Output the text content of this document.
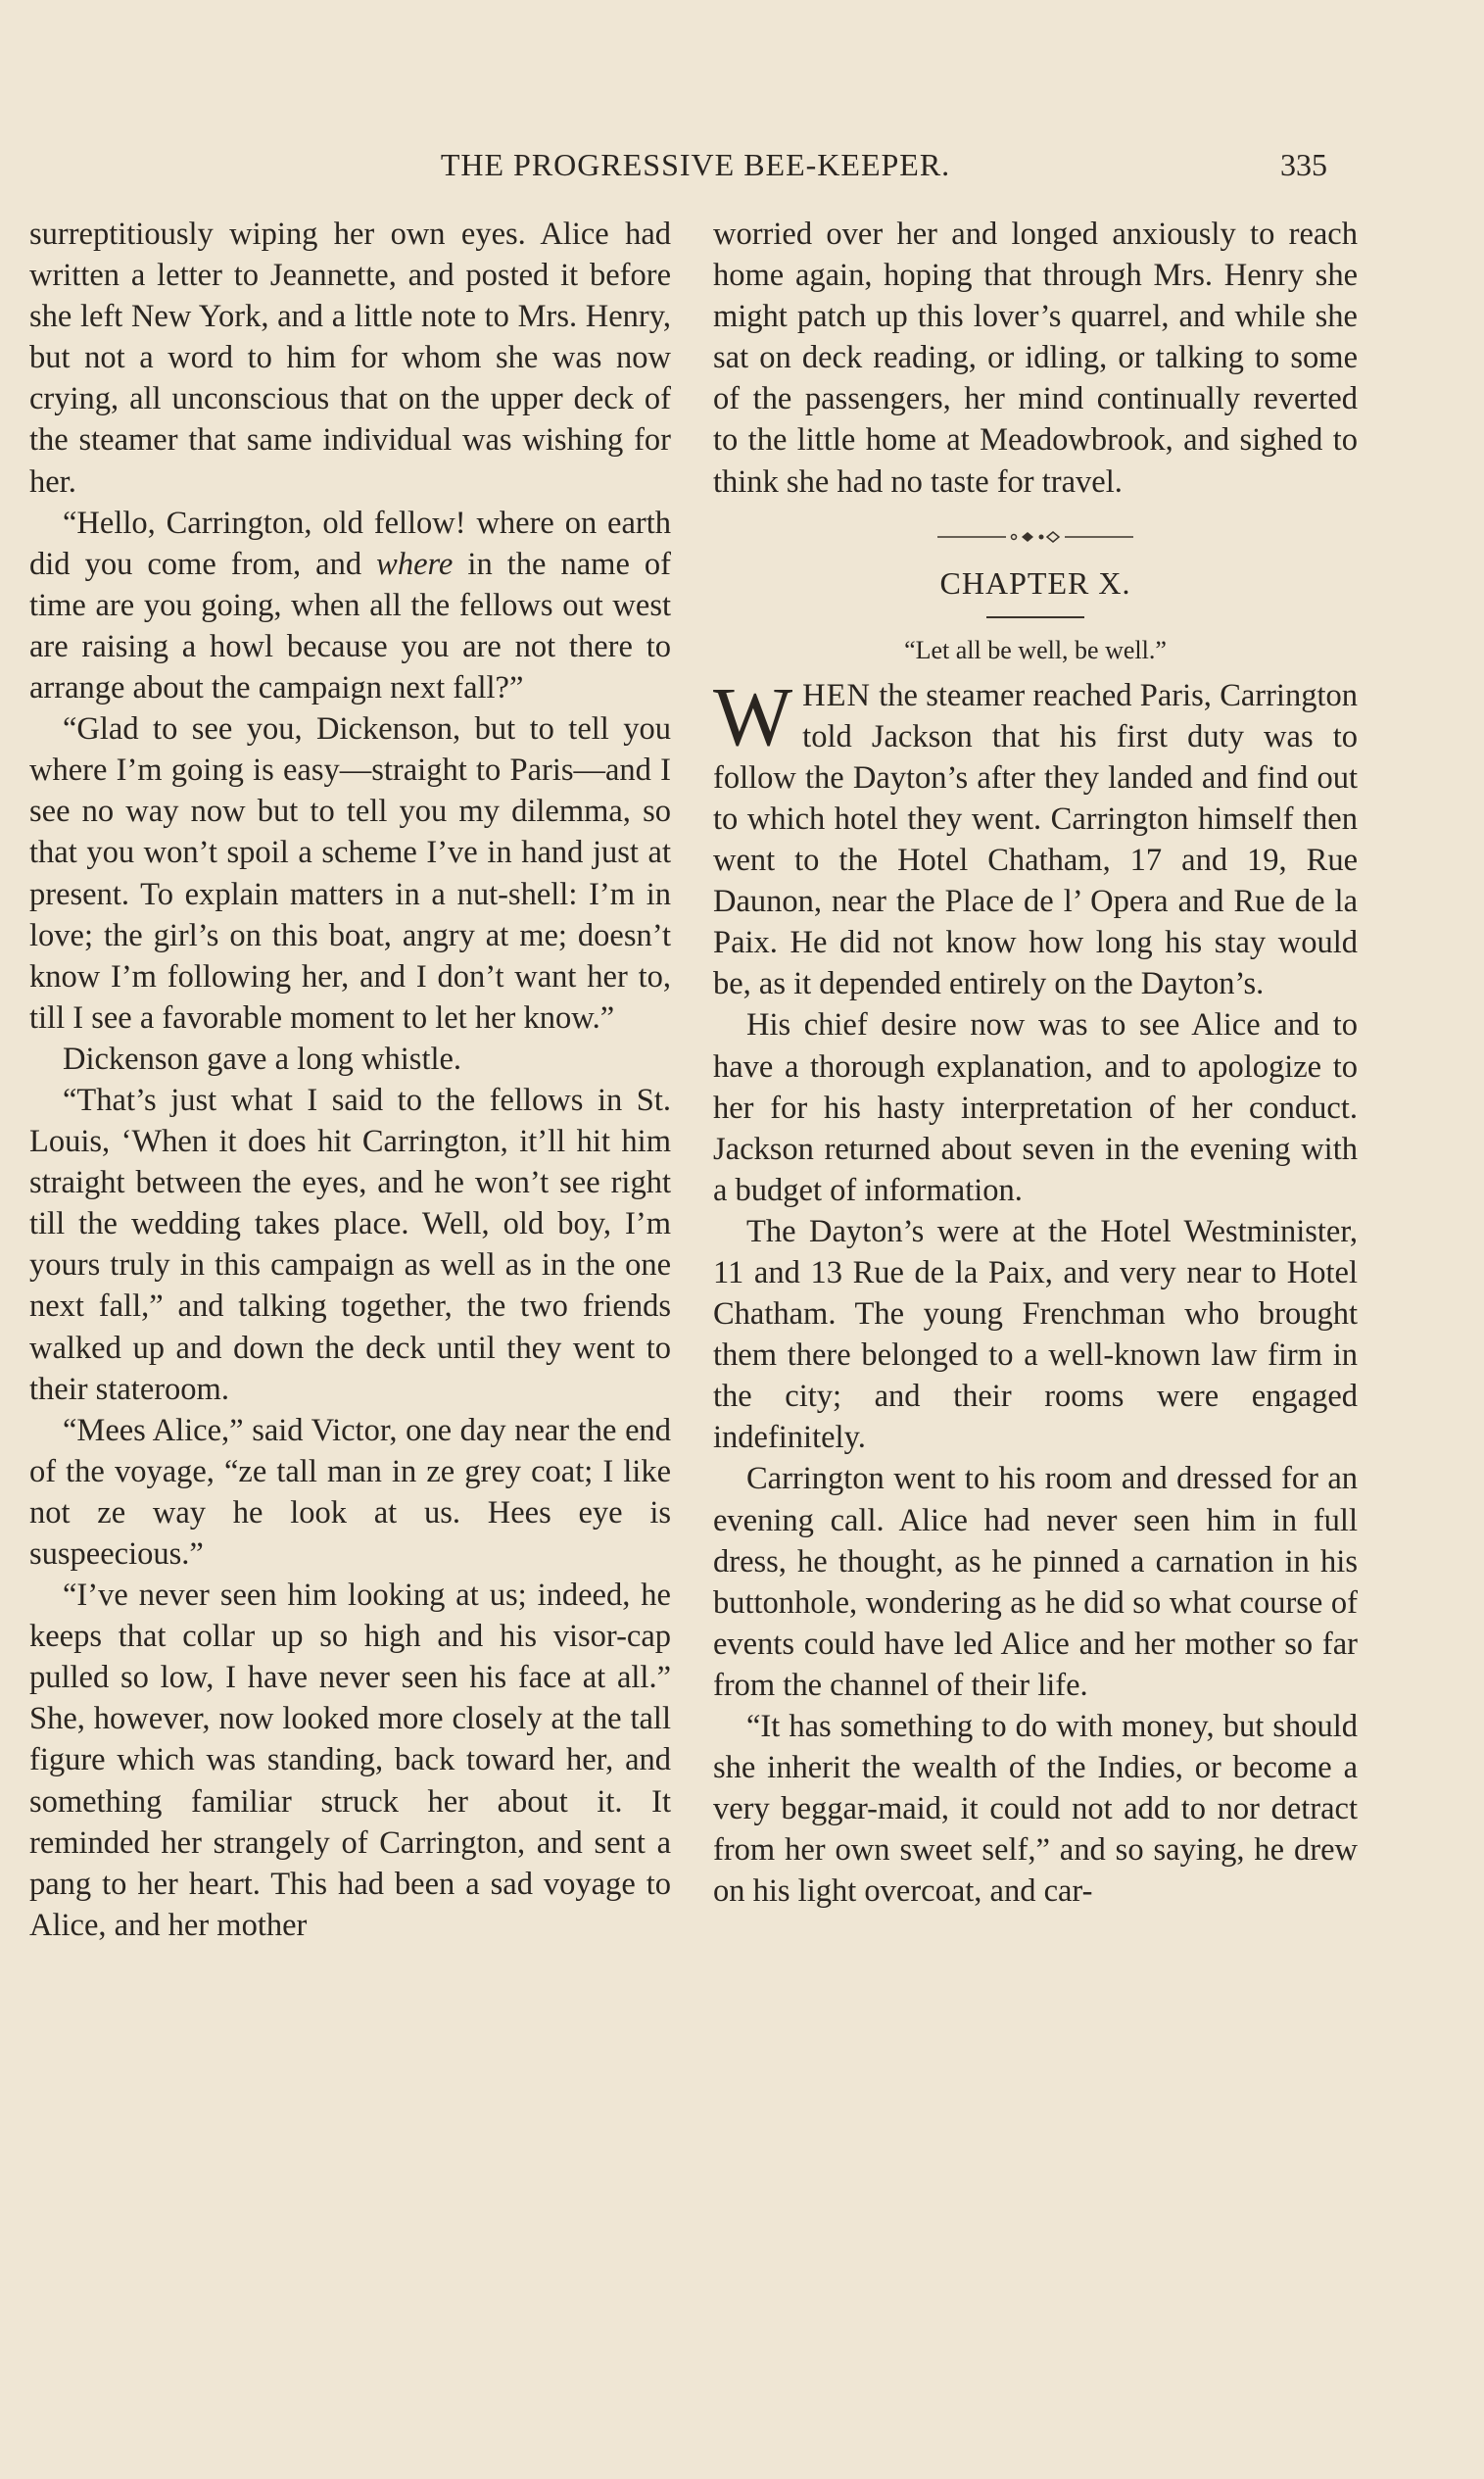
THE PROGRESSIVE BEE-KEEPER.	335

surreptitiously wiping her own eyes. Alice had written a letter to Jeannette, and posted it before she left New York, and a little note to Mrs. Henry, but not a word to him for whom she was now crying, all unconscious that on the upper deck of the steamer that same individual was wishing for her.

“Hello, Carrington, old fellow! where on earth did you come from, and where in the name of time are you going, when all the fellows out west are raising a howl because you are not there to arrange about the campaign next fall?”

“Glad to see you, Dickenson, but to tell you where I’m going is easy—straight to Paris—and I see no way now but to tell you my dilemma, so that you won’t spoil a scheme I’ve in hand just at present. To explain matters in a nut-shell: I’m in love; the girl’s on this boat, angry at me; doesn’t know I’m following her, and I don’t want her to, till I see a favorable moment to let her know.”

Dickenson gave a long whistle.

“That’s just what I said to the fellows in St. Louis, ‘When it does hit Carrington, it’ll hit him straight between the eyes, and he won’t see right till the wedding takes place. Well, old boy, I’m yours truly in this campaign as well as in the one next fall,” and talking together, the two friends walked up and down the deck until they went to their stateroom.

“Mees Alice,” said Victor, one day near the end of the voyage, “ze tall man in ze grey coat; I like not ze way he look at us. Hees eye is suspeecious.”

“I’ve never seen him looking at us; indeed, he keeps that collar up so high and his visor-cap pulled so low, I have never seen his face at all.” She, however, now looked more closely at the tall figure which was standing, back toward her, and something familiar struck her about it. It reminded her strangely of Carrington, and sent a pang to her heart. This had been a sad voyage to Alice, and her mother

worried over her and longed anxiously to reach home again, hoping that through Mrs. Henry she might patch up this lover’s quarrel, and while she sat on deck reading, or idling, or talking to some of the passengers, her mind continually reverted to the little home at Meadowbrook, and sighed to think she had no taste for travel.

CHAPTER X.
“Let all be well, be well.”

WHEN the steamer reached Paris, Carrington told Jackson that his first duty was to follow the Dayton’s after they landed and find out to which hotel they went. Carrington himself then went to the Hotel Chatham, 17 and 19, Rue Daunon, near the Place de l’ Opera and Rue de la Paix. He did not know how long his stay would be, as it depended entirely on the Dayton’s.

His chief desire now was to see Alice and to have a thorough explanation, and to apologize to her for his hasty interpretation of her conduct. Jackson returned about seven in the evening with a budget of information.

The Dayton’s were at the Hotel Westminister, 11 and 13 Rue de la Paix, and very near to Hotel Chatham. The young Frenchman who brought them there belonged to a well-known law firm in the city; and their rooms were engaged indefinitely.

Carrington went to his room and dressed for an evening call. Alice had never seen him in full dress, he thought, as he pinned a carnation in his buttonhole, wondering as he did so what course of events could have led Alice and her mother so far from the channel of their life.

“It has something to do with money, but should she inherit the wealth of the Indies, or become a very beggar-maid, it could not add to nor detract from her own sweet self,” and so saying, he drew on his light overcoat, and car-
